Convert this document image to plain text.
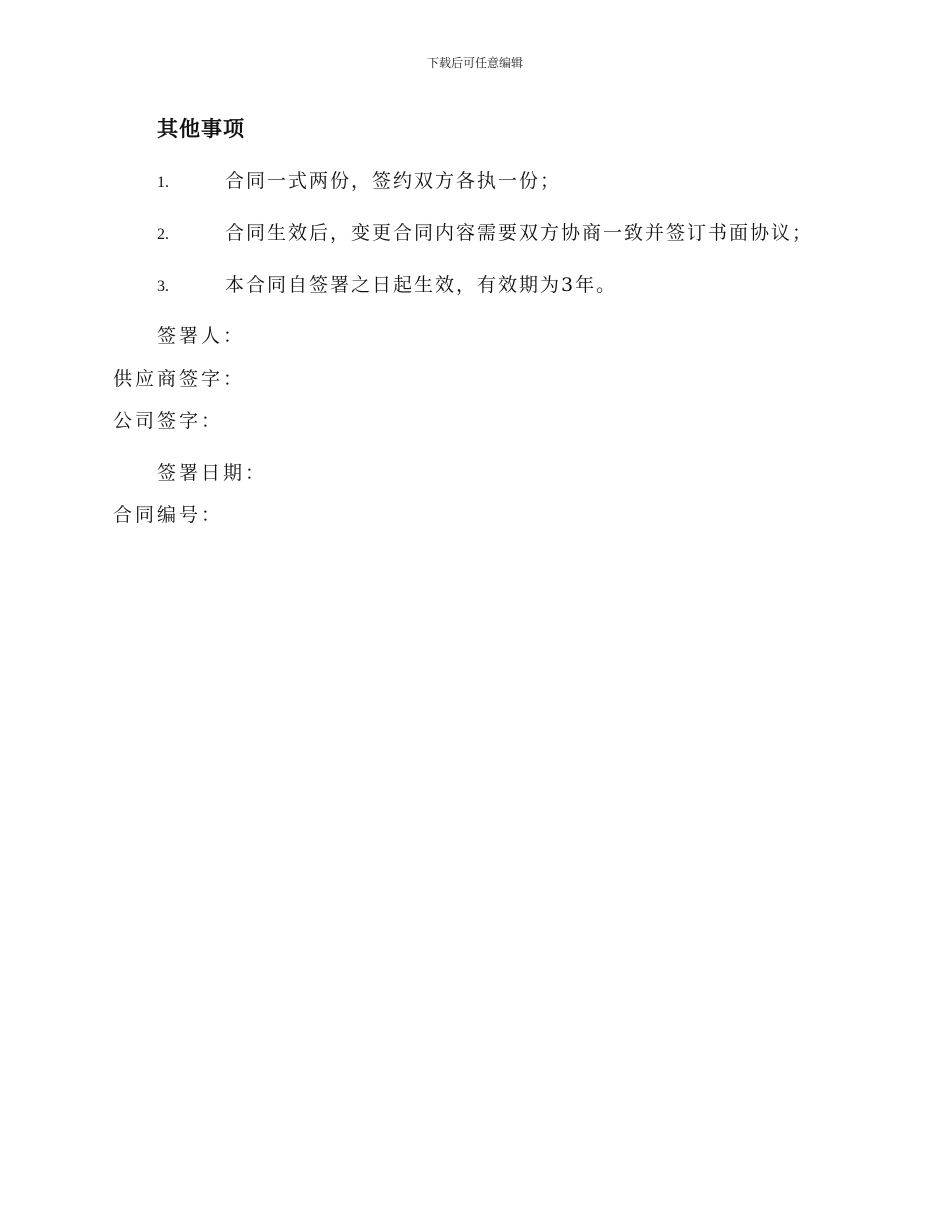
下载后可任意编辑
其他事项
1.	合同一式两份，签约双方各执一份；
2.	合同生效后，变更合同内容需要双方协商一致并签订书面协议；
3.	本合同自签署之日起生效，有效期为3年。
签署人：
供应商签字：
公司签字：
签署日期：
合同编号：
